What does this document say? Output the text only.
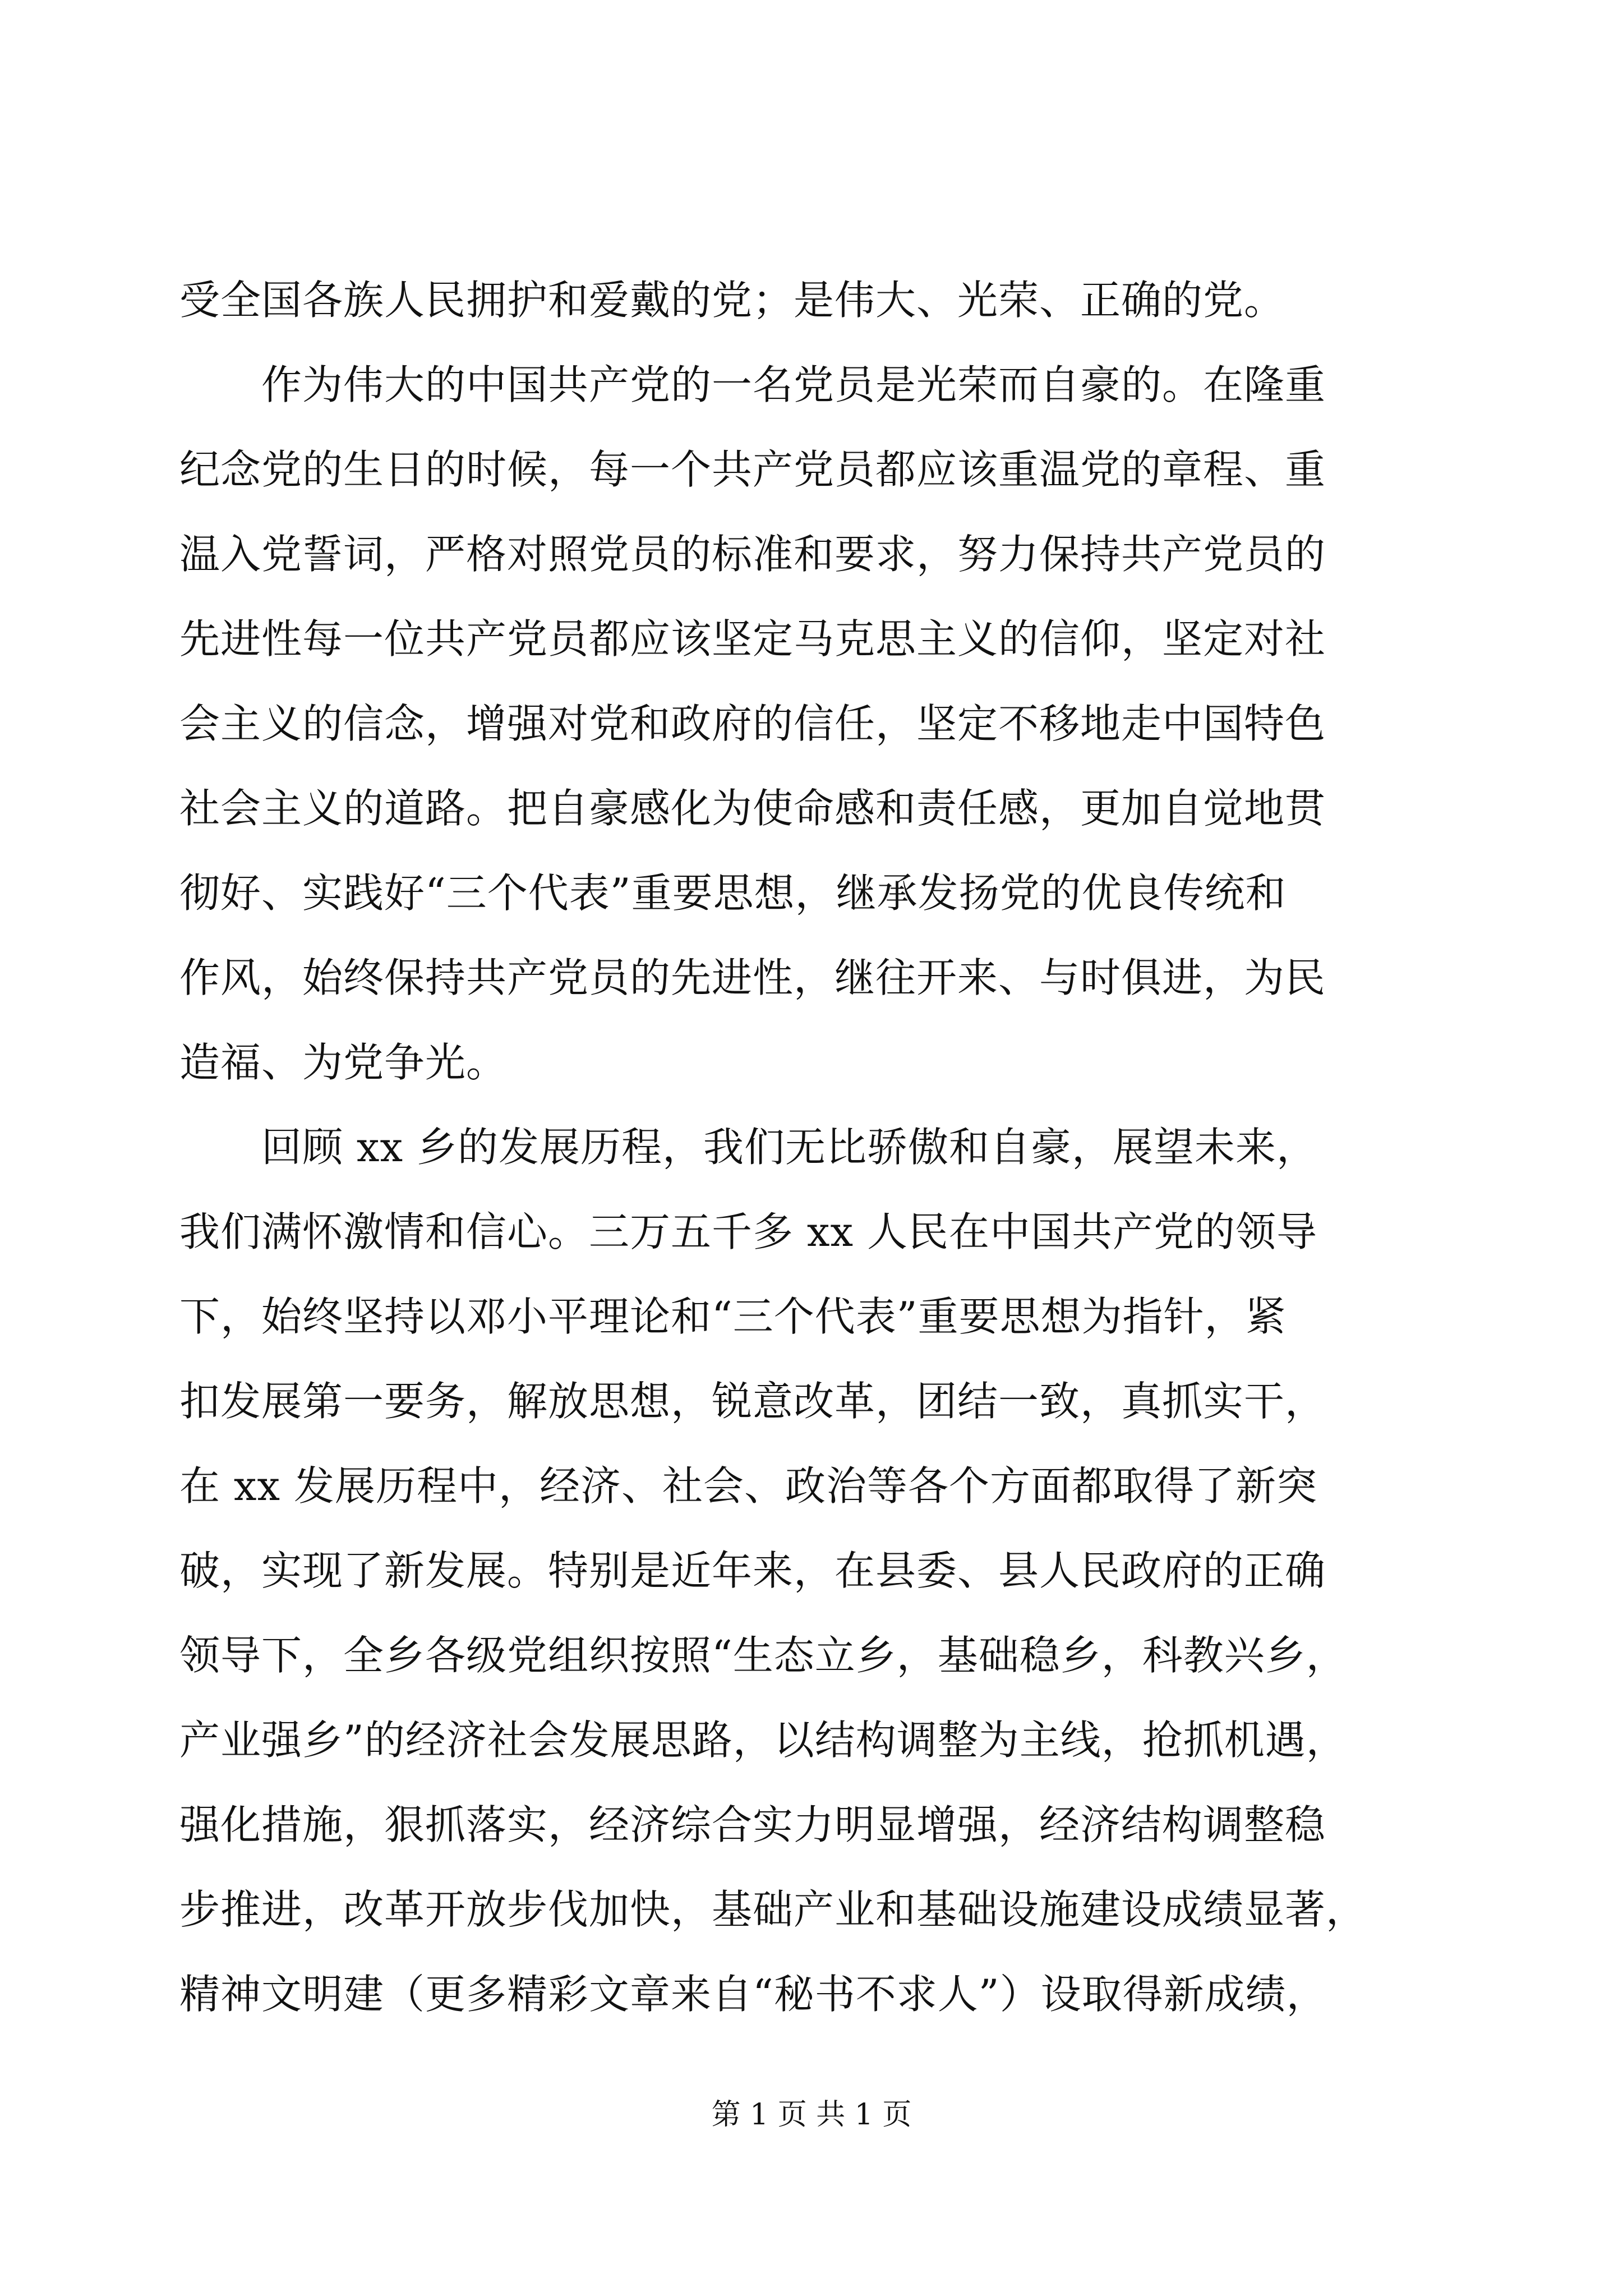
受全国各族人民拥护和爱戴的党；是伟大、光荣、正确的党。
　　作为伟大的中国共产党的一名党员是光荣而自豪的。在隆重
纪念党的生日的时候，每一个共产党员都应该重温党的章程、重
温入党誓词，严格对照党员的标准和要求，努力保持共产党员的
先进性每一位共产党员都应该坚定马克思主义的信仰，坚定对社
会主义的信念，增强对党和政府的信任，坚定不移地走中国特色
社会主义的道路。把自豪感化为使命感和责任感，更加自觉地贯
彻好、实践好“三个代表”重要思想，继承发扬党的优良传统和
作风，始终保持共产党员的先进性，继往开来、与时俱进，为民
造福、为党争光。
　　回顾 xx 乡的发展历程，我们无比骄傲和自豪，展望未来，
我们满怀激情和信心。三万五千多 xx 人民在中国共产党的领导
下，始终坚持以邓小平理论和“三个代表”重要思想为指针，紧
扣发展第一要务，解放思想，锐意改革，团结一致，真抓实干，
在 xx 发展历程中，经济、社会、政治等各个方面都取得了新突
破，实现了新发展。特别是近年来，在县委、县人民政府的正确
领导下，全乡各级党组织按照“生态立乡，基础稳乡，科教兴乡，
产业强乡”的经济社会发展思路，以结构调整为主线，抢抓机遇，
强化措施，狠抓落实，经济综合实力明显增强，经济结构调整稳
步推进，改革开放步伐加快，基础产业和基础设施建设成绩显著，
精神文明建（更多精彩文章来自“秘书不求人”）设取得新成绩，
第 1 页 共 1 页
